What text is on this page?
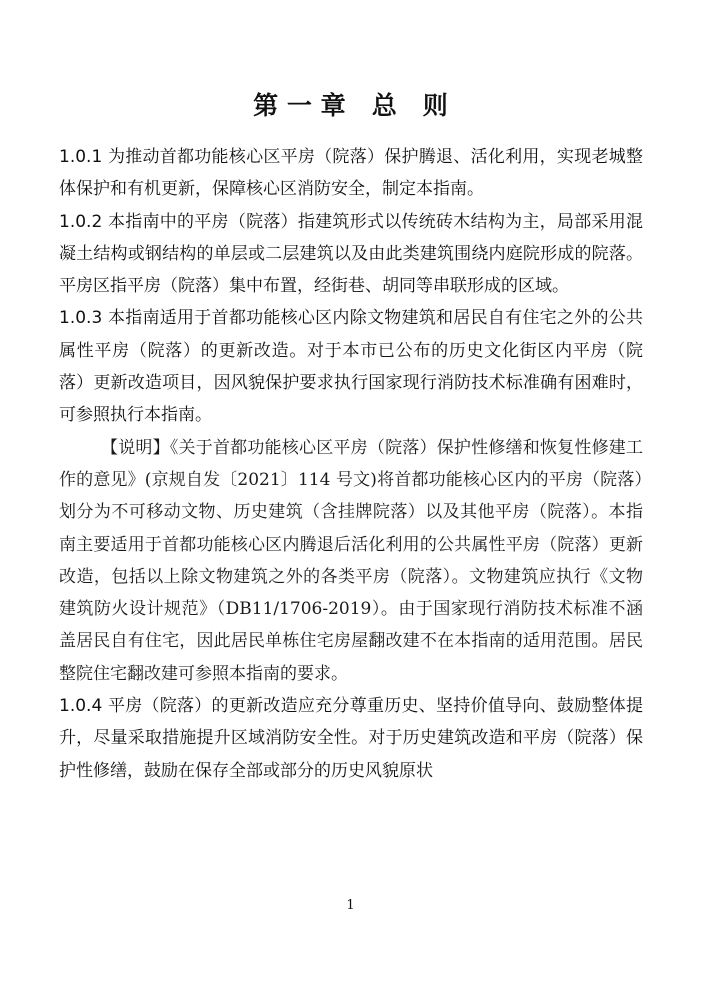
第 一 章   总   则

1.0.1 为推动首都功能核心区平房（院落）保护腾退、活化利用，实现老城整体保护和有机更新，保障核心区消防安全，制定本指南。

1.0.2 本指南中的平房（院落）指建筑形式以传统砖木结构为主，局部采用混凝土结构或钢结构的单层或二层建筑以及由此类建筑围绕内庭院形成的院落。平房区指平房（院落）集中布置，经街巷、胡同等串联形成的区域。

1.0.3 本指南适用于首都功能核心区内除文物建筑和居民自有住宅之外的公共属性平房（院落）的更新改造。对于本市已公布的历史文化街区内平房（院落）更新改造项目，因风貌保护要求执行国家现行消防技术标准确有困难时，可参照执行本指南。

【说明】《关于首都功能核心区平房（院落）保护性修缮和恢复性修建工作的意见》(京规自发〔2021〕114 号文)将首都功能核心区内的平房（院落）划分为不可移动文物、历史建筑（含挂牌院落）以及其他平房（院落）。本指南主要适用于首都功能核心区内腾退后活化利用的公共属性平房（院落）更新改造，包括以上除文物建筑之外的各类平房（院落）。文物建筑应执行《文物建筑防火设计规范》（DB11/1706-2019）。由于国家现行消防技术标准不涵盖居民自有住宅，因此居民单栋住宅房屋翻改建不在本指南的适用范围。居民整院住宅翻改建可参照本指南的要求。

1.0.4 平房（院落）的更新改造应充分尊重历史、坚持价值导向、鼓励整体提升，尽量采取措施提升区域消防安全性。对于历史建筑改造和平房（院落）保护性修缮，鼓励在保存全部或部分的历史风貌原状

1
